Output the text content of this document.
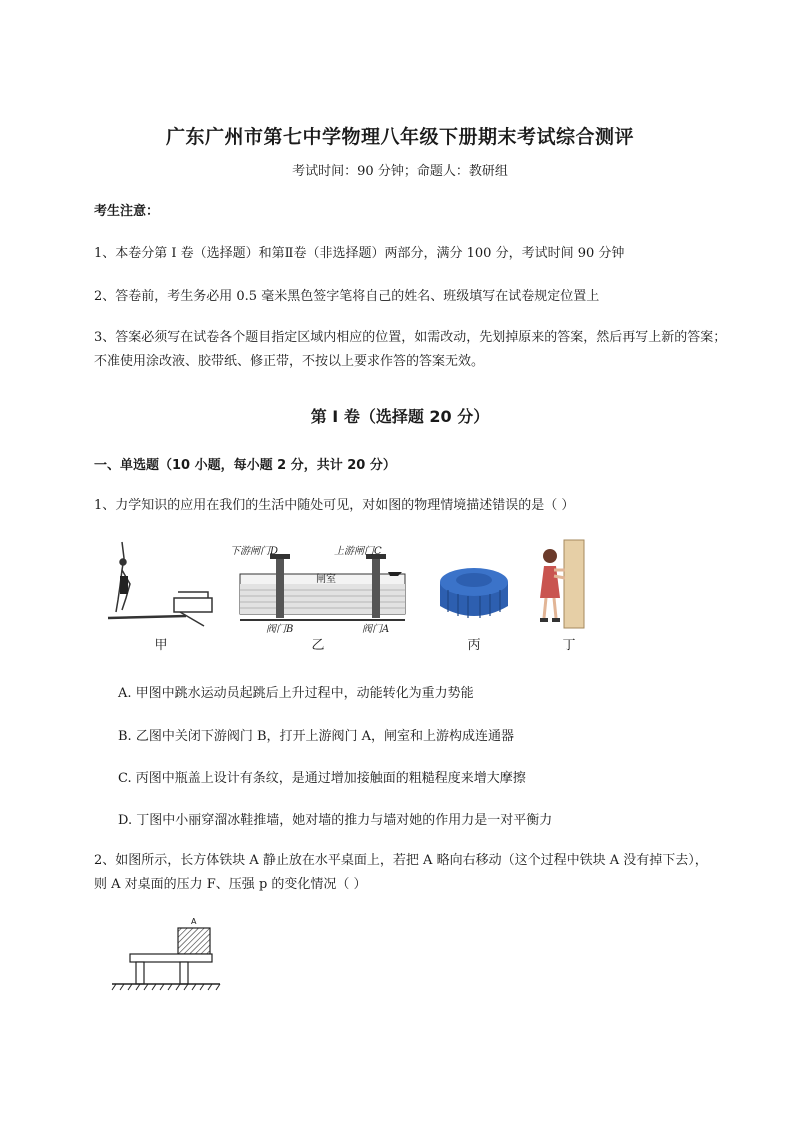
广东广州市第七中学物理八年级下册期末考试综合测评
考试时间：90 分钟；命题人：教研组
考生注意：
1、本卷分第 I 卷（选择题）和第Ⅱ卷（非选择题）两部分，满分 100 分，考试时间 90 分钟
2、答卷前，考生务必用 0.5 毫米黑色签字笔将自己的姓名、班级填写在试卷规定位置上
3、答案必须写在试卷各个题目指定区域内相应的位置，如需改动，先划掉原来的答案，然后再写上新的答案；不准使用涂改液、胶带纸、修正带，不按以上要求作答的答案无效。
第 I 卷（选择题 20 分）
一、单选题（10 小题，每小题 2 分，共计 20 分）
1、力学知识的应用在我们的生活中随处可见，对如图的物理情境描述错误的是（ ）
甲
下游闸门D	上游闸门C
闸室
阀门B	阀门A
乙	丙	丁
A. 甲图中跳水运动员起跳后上升过程中，动能转化为重力势能
B. 乙图中关闭下游阀门 B，打开上游阀门 A，闸室和上游构成连通器
C. 丙图中瓶盖上设计有条纹，是通过增加接触面的粗糙程度来增大摩擦
D. 丁图中小丽穿溜冰鞋推墙，她对墙的推力与墙对她的作用力是一对平衡力
2、如图所示，长方体铁块 A 静止放在水平桌面上，若把 A 略向右移动（这个过程中铁块 A 没有掉下去），则 A 对桌面的压力 F、压强 p 的变化情况（ ）
A
